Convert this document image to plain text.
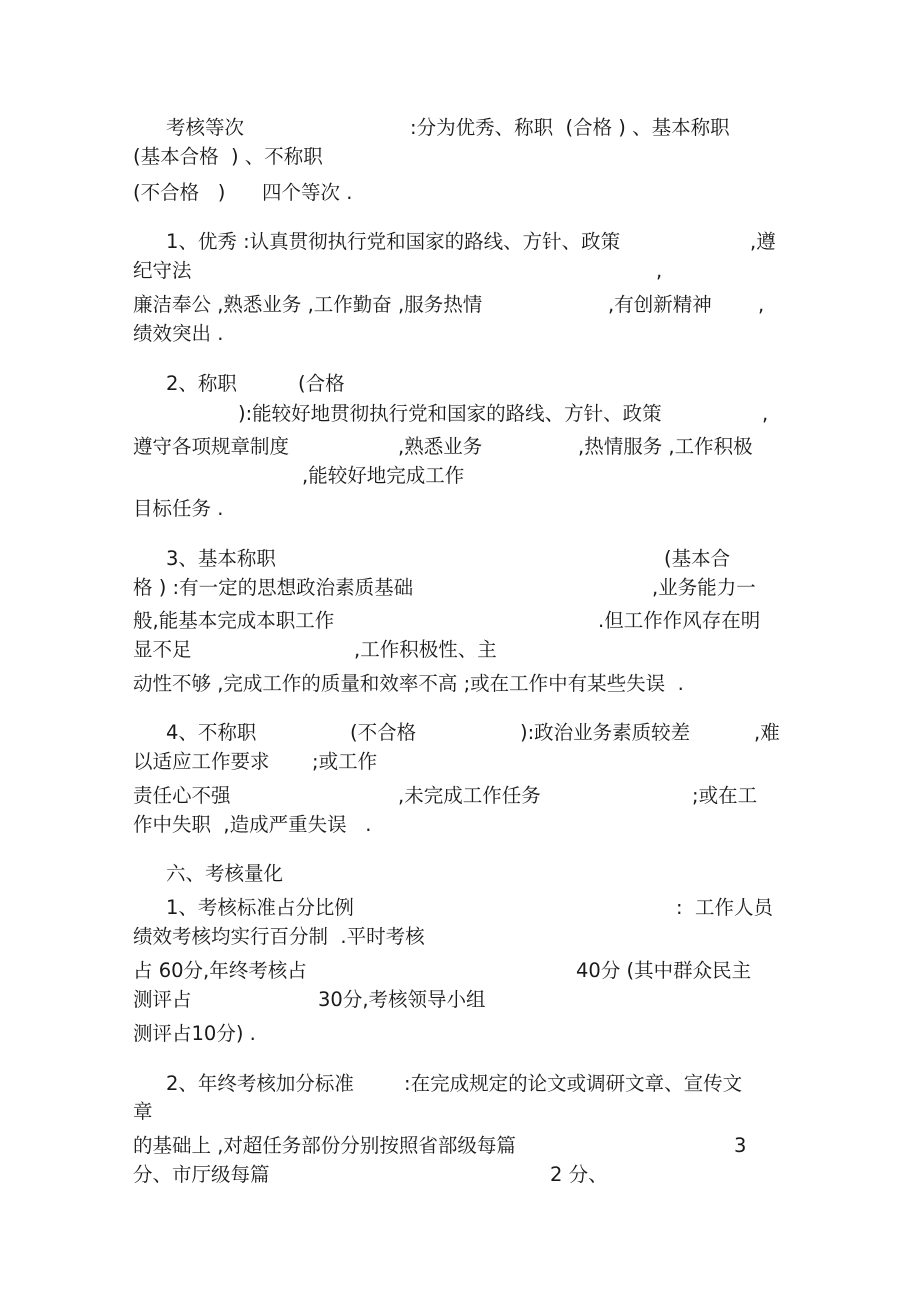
考核等次	:分为优秀、称职  (合格 ) 、基本称职
(基本合格  ) 、不称职
(不合格   ) 四个等次 .
1、优秀 :认真贯彻执行党和国家的路线、方针、政策	,遵
纪守法	,
廉洁奉公 ,熟悉业务 ,工作勤奋 ,服务热情	,有创新精神 ,
绩效突出 .
2、称职	(合格
):能较好地贯彻执行党和国家的路线、方针、政策	,
遵守各项规章制度	,熟悉业务	,热情服务 ,工作积极
,能较好地完成工作
目标任务 .
3、基本称职	(基本合
格 ) :有一定的思想政治素质基础	,业务能力一
般,能基本完成本职工作	.但工作作风存在明
显不足	,工作积极性、主
动性不够 ,完成工作的质量和效率不高 ;或在工作中有某些失误  .
4、不称职	(不合格	):政治业务素质较差	,难
以适应工作要求 ;或工作
责任心不强	,未完成工作任务	;或在工
作中失职  ,造成严重失误   .
六、考核量化
1、考核标准占分比例	:  工作人员
绩效考核均实行百分制  .平时考核
占 60分,年终考核占	40分 (其中群众民主
测评占	30分,考核领导小组
测评占10分) .
2、年终考核加分标准	:在完成规定的论文或调研文章、宣传文
章
的基础上 ,对超任务部份分别按照省部级每篇	3
分、市厅级每篇	2 分、
